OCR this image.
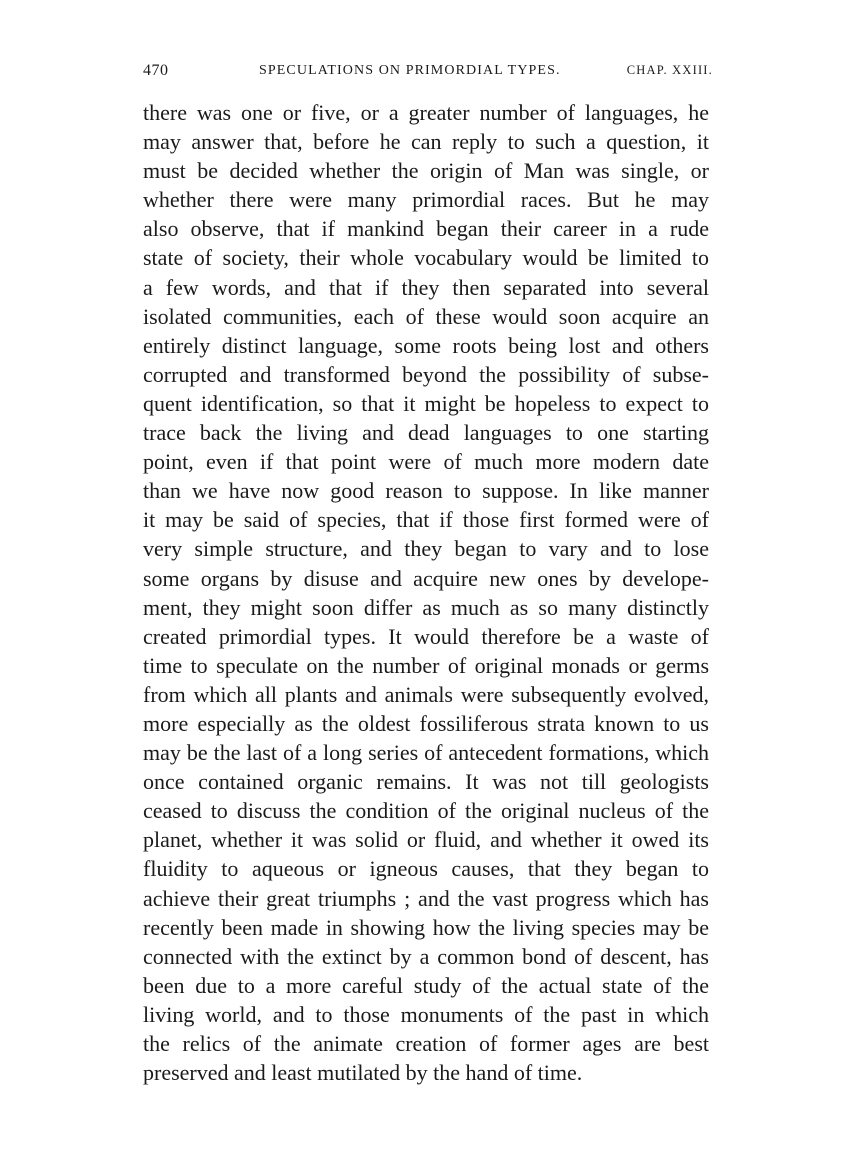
470	SPECULATIONS ON PRIMORDIAL TYPES.	CHAP. XXIII.
there was one or five, or a greater number of languages, he
may answer that, before he can reply to such a question, it
must be decided whether the origin of Man was single, or
whether there were many primordial races. But he may
also observe, that if mankind began their career in a rude
state of society, their whole vocabulary would be limited to
a few words, and that if they then separated into several
isolated communities, each of these would soon acquire an
entirely distinct language, some roots being lost and others
corrupted and transformed beyond the possibility of subse-
quent identification, so that it might be hopeless to expect to
trace back the living and dead languages to one starting
point, even if that point were of much more modern date
than we have now good reason to suppose. In like manner
it may be said of species, that if those first formed were of
very simple structure, and they began to vary and to lose
some organs by disuse and acquire new ones by develope-
ment, they might soon differ as much as so many distinctly
created primordial types. It would therefore be a waste of
time to speculate on the number of original monads or germs
from which all plants and animals were subsequently evolved,
more especially as the oldest fossiliferous strata known to us
may be the last of a long series of antecedent formations, which
once contained organic remains. It was not till geologists
ceased to discuss the condition of the original nucleus of the
planet, whether it was solid or fluid, and whether it owed its
fluidity to aqueous or igneous causes, that they began to
achieve their great triumphs ; and the vast progress which has
recently been made in showing how the living species may be
connected with the extinct by a common bond of descent, has
been due to a more careful study of the actual state of the
living world, and to those monuments of the past in which
the relics of the animate creation of former ages are best
preserved and least mutilated by the hand of time.
